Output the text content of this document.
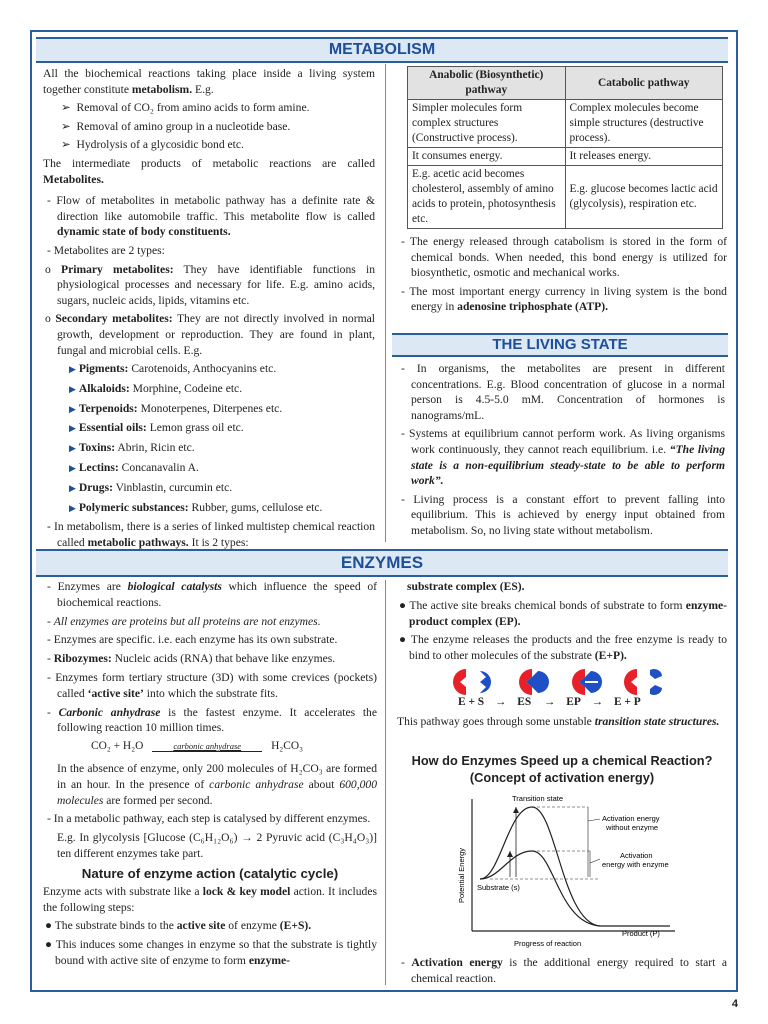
METABOLISM

All the biochemical reactions taking place inside a living system together constitute metabolism. E.g.

➢  Removal of CO₂ from amino acids to form amine.

➢  Removal of amino group in a nucleotide base.

➢  Hydrolysis of a glycosidic bond etc.

The intermediate products of metabolic reactions are called Metabolites.

- Flow of metabolites in metabolic pathway has a definite rate & direction like automobile traffic. This metabolite flow is called dynamic state of body constituents.

- Metabolites are 2 types:

o Primary metabolites: They have identifiable functions in physiological processes and necessary for life. E.g. amino acids, sugars, nucleic acids, lipids, vitamins etc.

o Secondary metabolites: They are not directly involved in normal growth, development or reproduction. They are found in plant, fungal and microbial cells. E.g.

▶ Pigments: Carotenoids, Anthocyanins etc.

▶ Alkaloids: Morphine, Codeine etc.

▶ Terpenoids: Monoterpenes, Diterpenes etc.

▶ Essential oils: Lemon grass oil etc.

▶ Toxins: Abrin, Ricin etc.

▶ Lectins: Concanavalin A.

▶ Drugs: Vinblastin, curcumin etc.

▶ Polymeric substances: Rubber, gums, cellulose etc.

- In metabolism, there is a series of linked multistep chemical reaction called metabolic pathways. It is 2 types:

Anabolic (Biosynthetic) pathway	Catabolic pathway
Simpler molecules form complex structures (Constructive process).	Complex molecules become simple structures (destructive process).
It consumes energy.	It releases energy.
E.g. acetic acid becomes cholesterol, assembly of amino acids to protein, photosynthesis etc.	E.g. glucose becomes lactic acid (glycolysis), respiration etc.

- The energy released through catabolism is stored in the form of chemical bonds. When needed, this bond energy is utilized for biosynthetic, osmotic and mechanical works.

- The most important energy currency in living system is the bond energy in adenosine triphosphate (ATP).

THE LIVING STATE

- In organisms, the metabolites are present in different concentrations. E.g. Blood concentration of glucose in a normal person is 4.5-5.0 mM. Concentration of hormones is nanograms/mL.

- Systems at equilibrium cannot perform work. As living organisms work continuously, they cannot reach equilibrium. i.e. “The living state is a non-equilibrium steady-state to be able to perform work”.

- Living process is a constant effort to prevent falling into equilibrium. This is achieved by energy input obtained from metabolism. So, no living state without metabolism.

ENZYMES

- Enzymes are biological catalysts which influence the speed of biochemical reactions.

- All enzymes are proteins but all proteins are not enzymes.

- Enzymes are specific. i.e. each enzyme has its own substrate.

- Ribozymes: Nucleic acids (RNA) that behave like enzymes.

- Enzymes form tertiary structure (3D) with some crevices (pockets) called ‘active site’ into which the substrate fits.

- Carbonic anhydrase is the fastest enzyme. It accelerates the following reaction 10 million times.

CO₂ + H₂O	carbonic anhydrase	H₂CO₃

In the absence of enzyme, only 200 molecules of H₂CO₃ are formed in an hour. In the presence of carbonic anhydrase about 600,000 molecules are formed per second.

- In a metabolic pathway, each step is catalysed by different enzymes.

E.g. In glycolysis [Glucose (C₆H₁₂O₆) → 2 Pyruvic acid (C₃H₄O₃)] ten different enzymes take part.

Nature of enzyme action (catalytic cycle)

Enzyme acts with substrate like a lock & key model action. It includes the following steps:

● The substrate binds to the active site of enzyme (E+S).

● This induces some changes in enzyme so that the substrate is tightly bound with active site of enzyme to form enzyme-

substrate complex (ES).

● The active site breaks chemical bonds of substrate to form enzyme- product complex (EP).

● The enzyme releases the products and the free enzyme is ready to bind to other molecules of the substrate (E+P).

E + S → ES → EP → E + P

This pathway goes through some unstable transition state structures.

How do Enzymes Speed up a chemical Reaction?
(Concept of activation energy)
Transition state
Activation energy
without enzyme
Activation
energy with enzyme
Substrate (s)
Product (P)
Progress of reaction
Potential Energy

- Activation energy is the additional energy required to start a chemical reaction.

4
